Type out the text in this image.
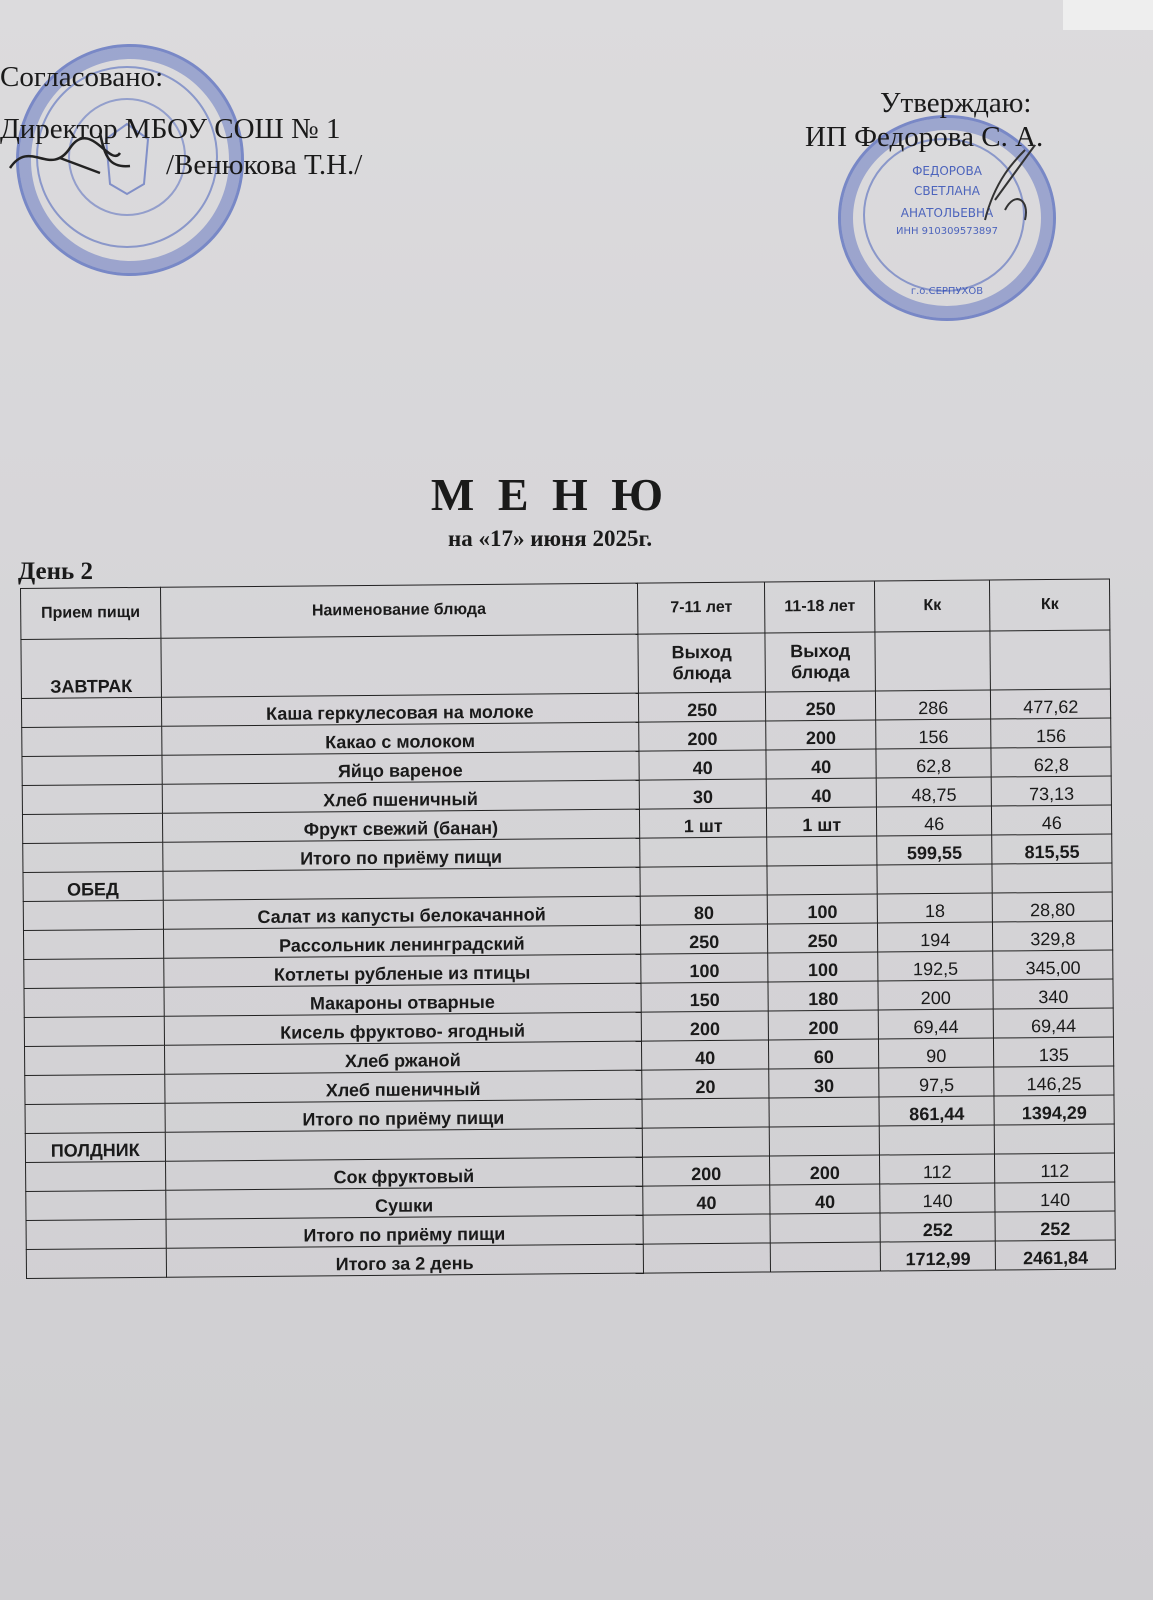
ФЕДОРОВА
СВЕТЛАНА
АНАТОЛЬЕВНА
ИНН 910309573897
г.о.СЕРПУХОВ
Согласовано:
Директор МБОУ СОШ № 1
/Венюкова Т.Н./
Утверждаю:
ИП Федорова С. А.
М Е Н Ю
на «17» июня 2025г.
День 2
Прием пищи	Наименование блюда	7-11 лет	11-18 лет	Кк	Кк
ЗАВТРАК		Выход блюда	Выход блюда		
	Каша геркулесовая на молоке	250	250	286	477,62
	Какао с молоком	200	200	156	156
	Яйцо вареное	40	40	62,8	62,8
	Хлеб пшеничный	30	40	48,75	73,13
	Фрукт свежий (банан)	1 шт	1 шт	46	46
	Итого по приёму пищи			599,55	815,55
ОБЕД					
	Салат из капусты белокачанной	80	100	18	28,80
	Рассольник ленинградский	250	250	194	329,8
	Котлеты рубленые из птицы	100	100	192,5	345,00
	Макароны отварные	150	180	200	340
	Кисель фруктово- ягодный	200	200	69,44	69,44
	Хлеб ржаной	40	60	90	135
	Хлеб пшеничный	20	30	97,5	146,25
	Итого по приёму пищи			861,44	1394,29
ПОЛДНИК					
	Сок фруктовый	200	200	112	112
	Сушки	40	40	140	140
	Итого по приёму пищи			252	252
	Итого за 2 день			1712,99	2461,84
